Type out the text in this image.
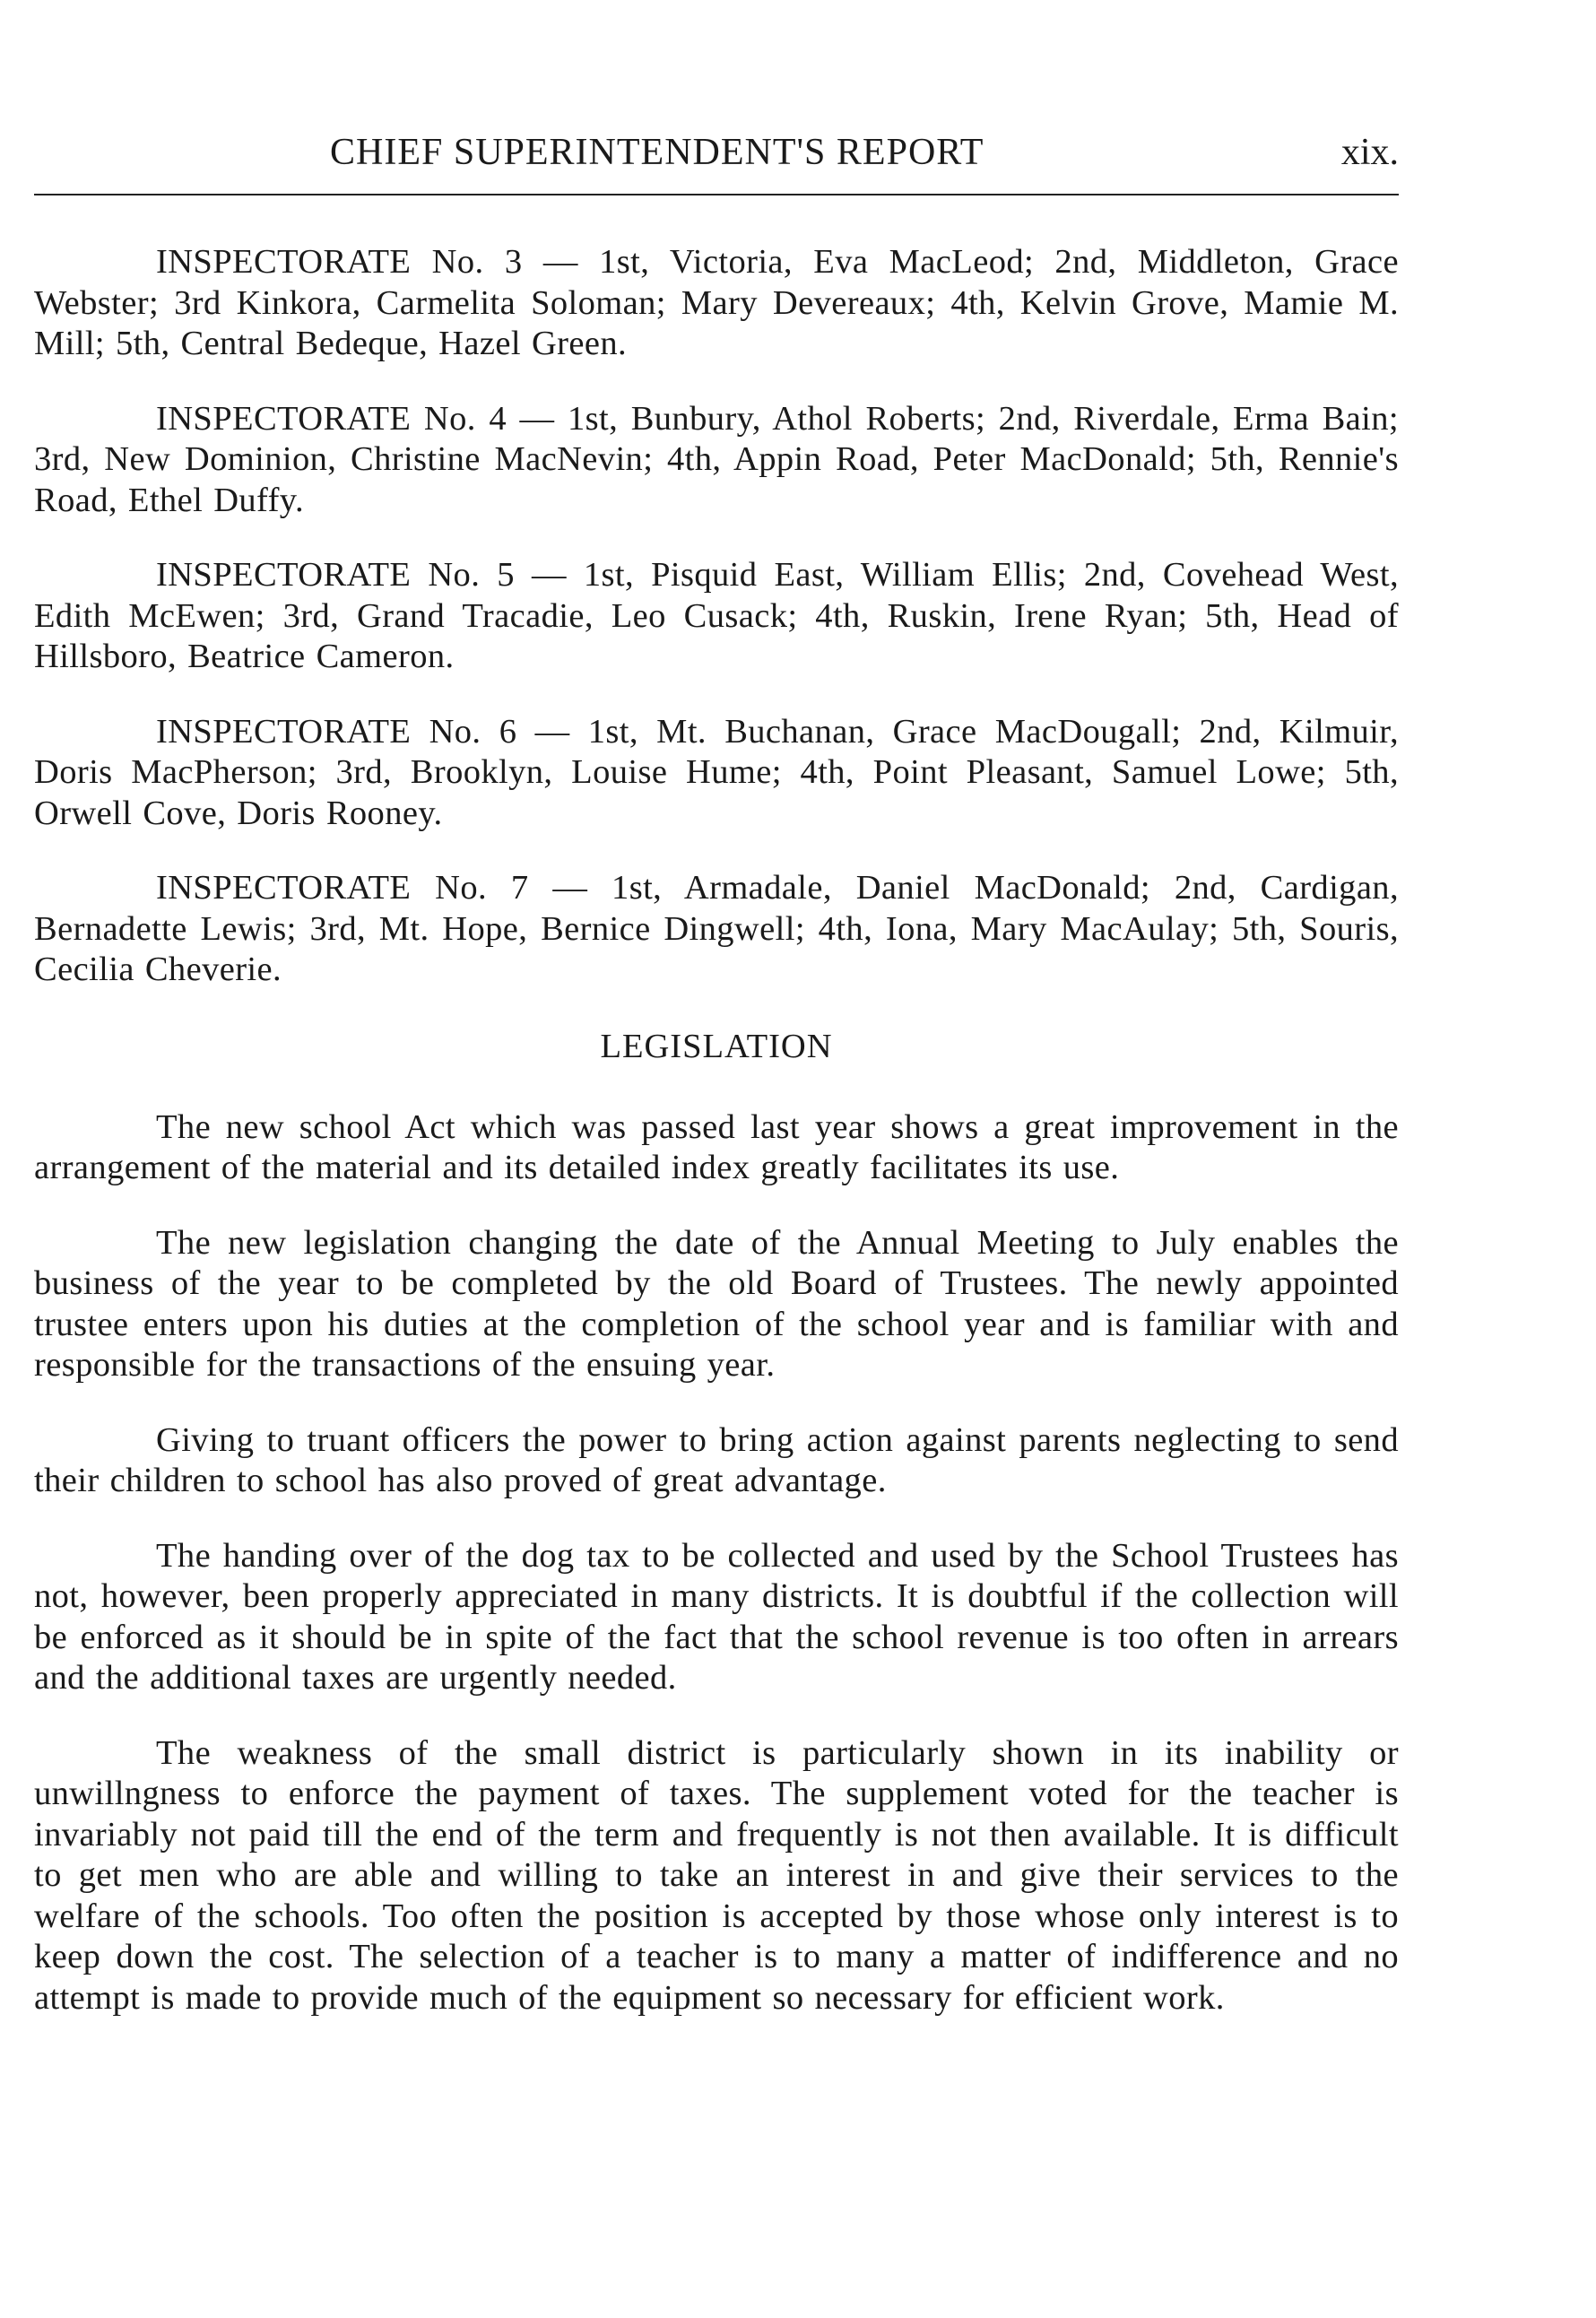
CHIEF SUPERINTENDENT'S REPORT	xix.

INSPECTORATE No. 3 — 1st, Victoria, Eva MacLeod; 2nd, Middleton, Grace Webster; 3rd Kinkora, Carmelita Soloman; Mary Devereaux; 4th, Kelvin Grove, Mamie M. Mill; 5th, Central Bedeque, Hazel Green.

INSPECTORATE No. 4 — 1st, Bunbury, Athol Roberts; 2nd, Riverdale, Erma Bain; 3rd, New Dominion, Christine MacNevin; 4th, Appin Road, Peter MacDonald; 5th, Rennie's Road, Ethel Duffy.

INSPECTORATE No. 5 — 1st, Pisquid East, William Ellis; 2nd, Covehead West, Edith McEwen; 3rd, Grand Tracadie, Leo Cusack; 4th, Ruskin, Irene Ryan; 5th, Head of Hillsboro, Beatrice Cameron.

INSPECTORATE No. 6 — 1st, Mt. Buchanan, Grace MacDougall; 2nd, Kilmuir, Doris MacPherson; 3rd, Brooklyn, Louise Hume; 4th, Point Pleasant, Samuel Lowe; 5th, Orwell Cove, Doris Rooney.

INSPECTORATE No. 7 — 1st, Armadale, Daniel MacDonald; 2nd, Cardigan, Bernadette Lewis; 3rd, Mt. Hope, Bernice Dingwell; 4th, Iona, Mary MacAulay; 5th, Souris, Cecilia Cheverie.

LEGISLATION

The new school Act which was passed last year shows a great improvement in the arrangement of the material and its detailed index greatly facilitates its use.

The new legislation changing the date of the Annual Meeting to July enables the business of the year to be completed by the old Board of Trustees. The newly appointed trustee enters upon his duties at the completion of the school year and is familiar with and responsible for the transactions of the ensuing year.

Giving to truant officers the power to bring action against parents neglecting to send their children to school has also proved of great advantage.

The handing over of the dog tax to be collected and used by the School Trustees has not, however, been properly appreciated in many districts. It is doubtful if the collection will be enforced as it should be in spite of the fact that the school revenue is too often in arrears and the additional taxes are urgently needed.

The weakness of the small district is particularly shown in its inability or unwillngness to enforce the payment of taxes. The supplement voted for the teacher is invariably not paid till the end of the term and frequently is not then available. It is difficult to get men who are able and willing to take an interest in and give their services to the welfare of the schools. Too often the position is accepted by those whose only interest is to keep down the cost. The selection of a teacher is to many a matter of indifference and no attempt is made to provide much of the equipment so necessary for efficient work.
